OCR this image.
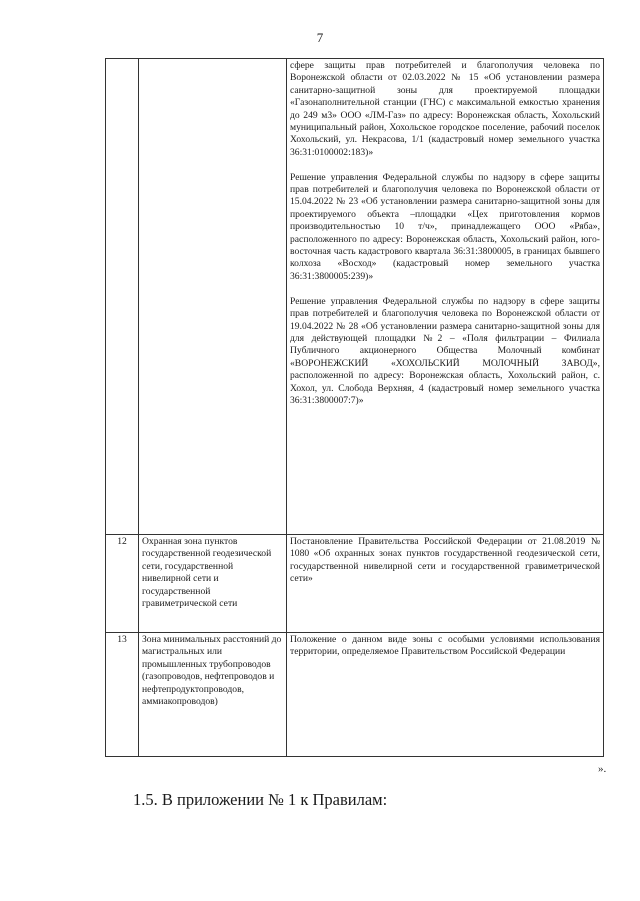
7

		сфере защиты прав потребителей и благополучия человека по Воронежской области от 02.03.2022 № 15 «Об установлении размера санитарно-защитной зоны для проектируемой площадки «Газонаполнительной станции (ГНС) с максимальной емкостью хранения до 249 м3» ООО «ЛМ-Газ» по адресу: Воронежская область, Хохольский муниципальный район, Хохольское городское поселение, рабочий поселок Хохольский, ул. Некрасова, 1/1 (кадастровый номер земельного участка 36:31:0100002:183)»

Решение управления Федеральной службы по надзору в сфере защиты прав потребителей и благополучия человека по Воронежской области от 15.04.2022 № 23 «Об установлении размера санитарно-защитной зоны для проектируемого объекта –площадки «Цех приготовления кормов производительностью 10 т/ч», принадлежащего ООО «Ряба», расположенного по адресу: Воронежская область, Хохольский район, юго-восточная часть кадастрового квартала 36:31:3800005, в границах бывшего колхоза «Восход» (кадастровый номер земельного участка 36:31:3800005:239)»

Решение управления Федеральной службы по надзору в сфере защиты прав потребителей и благополучия человека по Воронежской области от 19.04.2022 № 28 «Об установлении размера санитарно-защитной зоны для для действующей площадки №2 – «Поля фильтрации – Филиала Публичного акционерного Общества Молочный комбинат «ВОРОНЕЖСКИЙ «ХОХОЛЬСКИЙ МОЛОЧНЫЙ ЗАВОД», расположенной по адресу: Воронежская область, Хохольский район, с. Хохол, ул. Слобода Верхняя, 4 (кадастровый номер земельного участка 36:31:3800007:7)»

12	Охранная зона пунктов государственной геодезической сети, государственной нивелирной сети и государственной гравиметрической сети	Постановление Правительства Российской Федерации от 21.08.2019 № 1080 «Об охранных зонах пунктов государственной геодезической сети, государственной нивелирной сети и государственной гравиметрической сети»

13	Зона минимальных расстояний до магистральных или промышленных трубопроводов (газопроводов, нефтепроводов и нефтепродуктопроводов, аммиакопроводов)	Положение о данном виде зоны с особыми условиями использования территории, определяемое Правительством Российской Федерации

».
1.5. В приложении № 1 к Правилам:
